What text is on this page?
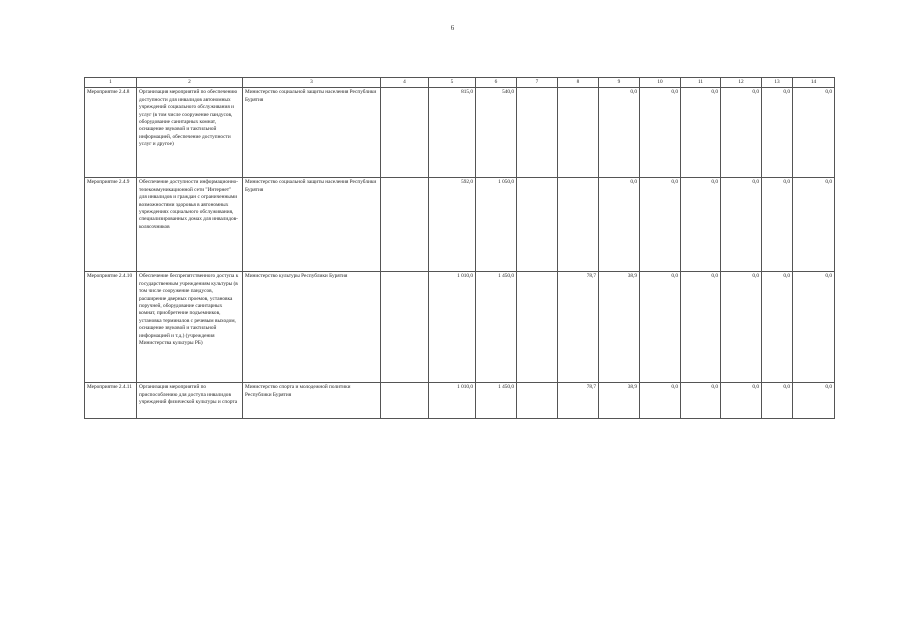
6
1	2	3	4	5	6	7	8	9	10	11	12	13	14
Мероприятие 2.4.8	Организация мероприятий по обеспечению доступности для инвалидов автономных учреждений социального обслуживания и услуг (в том числе сооружение пандусов, оборудование санитарных комнат, оснащение звуковой и тактильной информацией, обеспечение доступности услуг и другое)	Министерство социальной защиты населения Республики Бурятия		815,0	540,0			0,0	0,0	0,0	0,0	0,0	0,0
Мероприятие 2.4.9	Обеспечение доступности информационно-телекоммуникационной сети "Интернет" для инвалидов и граждан с ограниченными возможностями здоровья в автономных учреждениях социального обслуживания, специализированных домах для инвалидов-колясочников	Министерство социальной защиты населения Республики Бурятия		592,0	1 050,0			0,0	0,0	0,0	0,0	0,0	0,0
Мероприятие 2.4.10	Обеспечение беспрепятственного доступа к государственным учреждениям культуры (в том числе сооружение пандусов, расширение дверных проемов, установка поручней, оборудование санитарных комнат, приобретение подъемников, установка терминалов с речевым выходом, оснащение звуковой и тактильной информацией и т.д.) (учреждения Министерства культуры РБ)	Министерство культуры Республики Бурятия		1 010,0	1 450,0		78,7	38,9	0,0	0,0	0,0	0,0	0,0
Мероприятие 2.4.11	Организация мероприятий по приспособлению для доступа инвалидов учреждений физической культуры и спорта	Министерство спорта и молодежной политики Республики Бурятия		1 010,0	1 450,0		78,7	38,9	0,0	0,0	0,0	0,0	0,0
